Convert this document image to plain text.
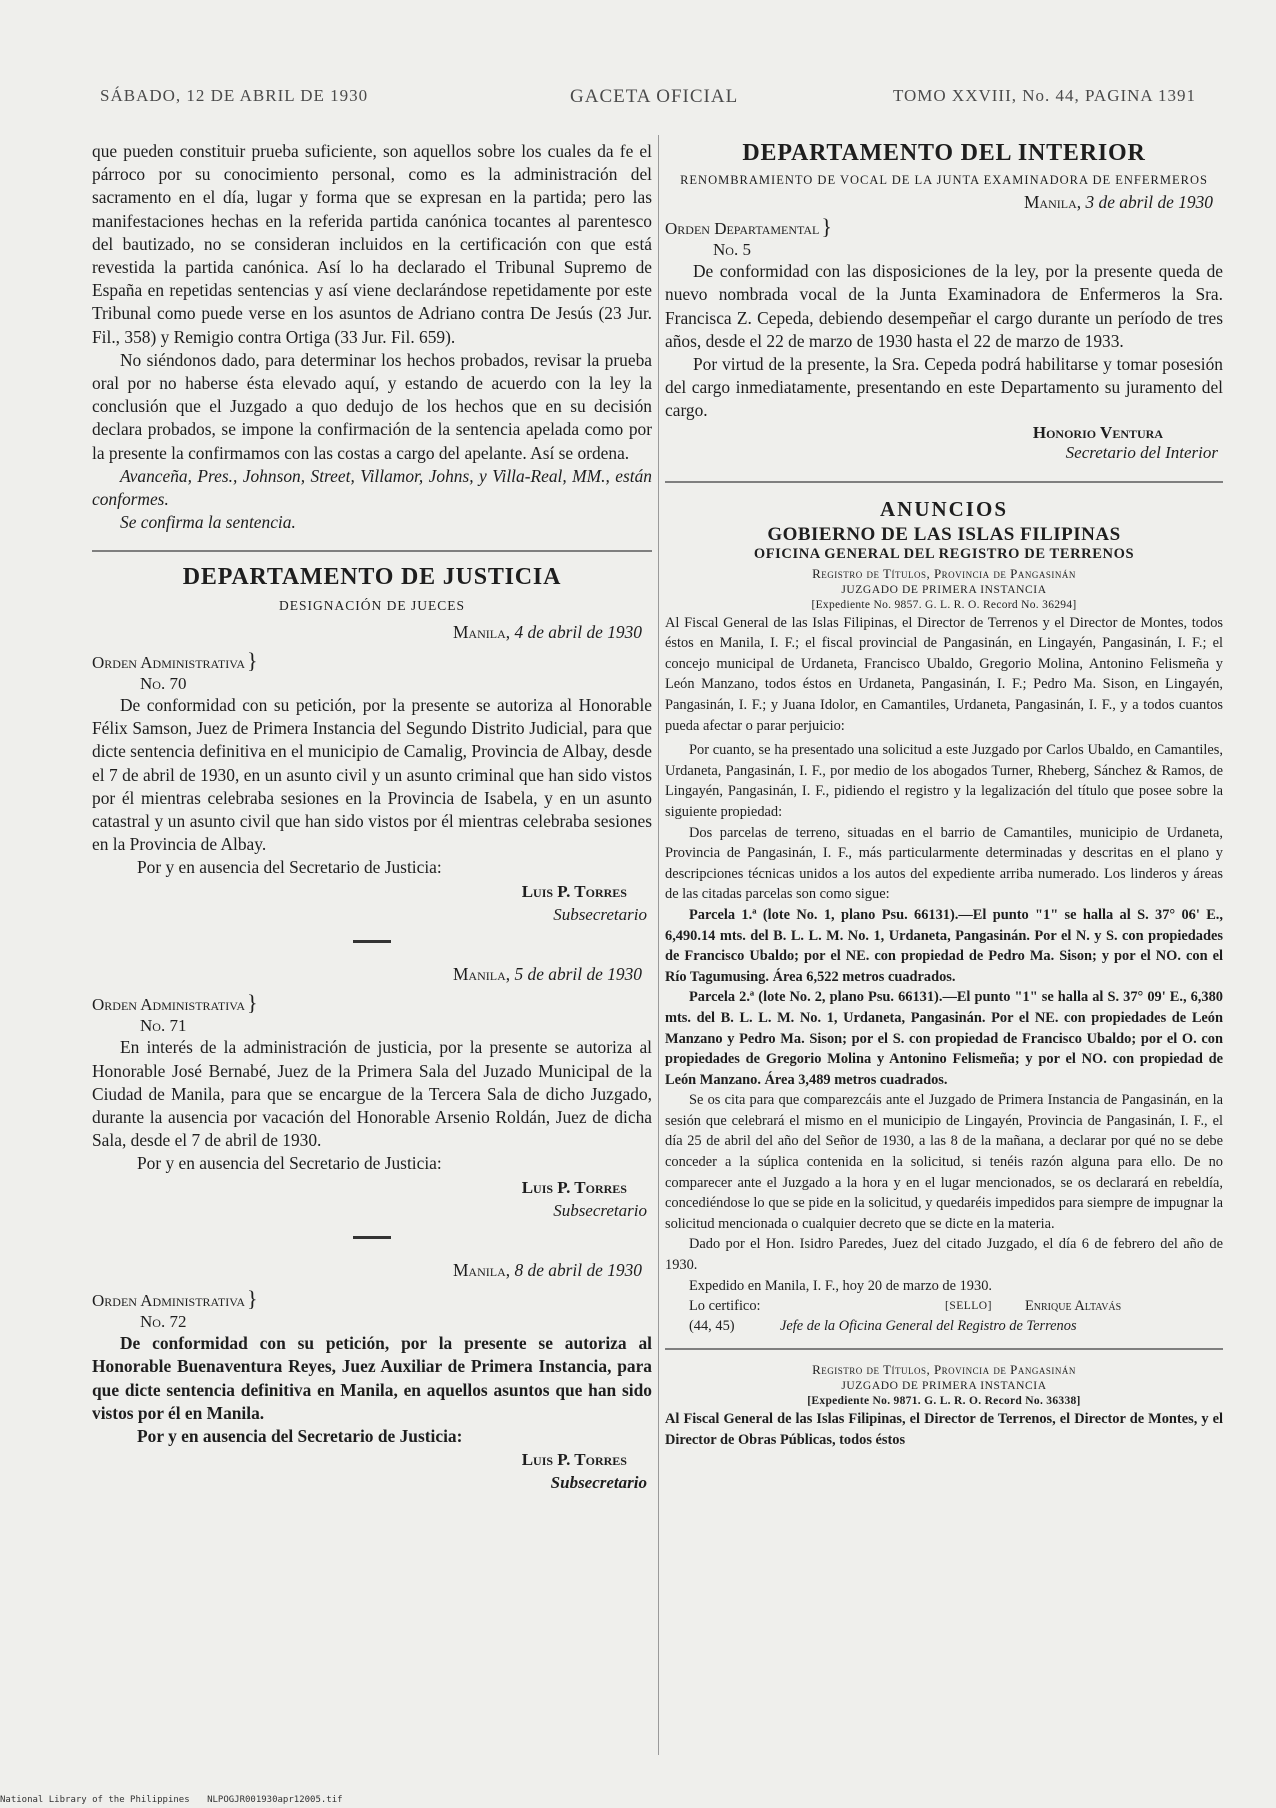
SÁBADO, 12 DE ABRIL DE 1930	GACETA OFICIAL	TOMO XXVIII, No. 44, PAGINA 1391

que pueden constituir prueba suficiente, son aquellos sobre los cuales da fe el párroco por su conocimiento personal, como es la administración del sacramento en el día, lugar y forma que se expresan en la partida; pero las manifestaciones hechas en la referida partida canónica tocantes al parentesco del bautizado, no se consideran incluidos en la certificación con que está revestida la partida canónica. Así lo ha declarado el Tribunal Supremo de España en repetidas sentencias y así viene declarándose repetidamente por este Tribunal como puede verse en los asuntos de Adriano contra De Jesús (23 Jur. Fil., 358) y Remigio contra Ortiga (33 Jur. Fil. 659).

No siéndonos dado, para determinar los hechos probados, revisar la prueba oral por no haberse ésta elevado aquí, y estando de acuerdo con la ley la conclusión que el Juzgado a quo dedujo de los hechos que en su decisión declara probados, se impone la confirmación de la sentencia apelada como por la presente la confirmamos con las costas a cargo del apelante. Así se ordena.

Avanceña, Pres., Johnson, Street, Villamor, Johns, y Villa-Real, MM., están conformes.

Se confirma la sentencia.

DEPARTAMENTO DE JUSTICIA
DESIGNACIÓN DE JUECES
Manila, 4 de abril de 1930
Orden Administrativa}
No. 70

De conformidad con su petición, por la presente se autoriza al Honorable Félix Samson, Juez de Primera Instancia del Segundo Distrito Judicial, para que dicte sentencia definitiva en el municipio de Camalig, Provincia de Albay, desde el 7 de abril de 1930, en un asunto civil y un asunto criminal que han sido vistos por él mientras celebraba sesiones en la Provincia de Isabela, y en un asunto catastral y un asunto civil que han sido vistos por él mientras celebraba sesiones en la Provincia de Albay.

Por y en ausencia del Secretario de Justicia:

Luis P. Torres
Subsecretario
Manila, 5 de abril de 1930
Orden Administrativa}
No. 71

En interés de la administración de justicia, por la presente se autoriza al Honorable José Bernabé, Juez de la Primera Sala del Juzado Municipal de la Ciudad de Manila, para que se encargue de la Tercera Sala de dicho Juzgado, durante la ausencia por vacación del Honorable Arsenio Roldán, Juez de dicha Sala, desde el 7 de abril de 1930.

Por y en ausencia del Secretario de Justicia:

Luis P. Torres
Subsecretario
Manila, 8 de abril de 1930
Orden Administrativa}
No. 72

De conformidad con su petición, por la presente se autoriza al Honorable Buenaventura Reyes, Juez Auxiliar de Primera Instancia, para que dicte sentencia definitiva en Manila, en aquellos asuntos que han sido vistos por él en Manila.

Por y en ausencia del Secretario de Justicia:

Luis P. Torres
Subsecretario
DEPARTAMENTO DEL INTERIOR
RENOMBRAMIENTO DE VOCAL DE LA JUNTA EXAMINADORA DE ENFERMEROS
Manila, 3 de abril de 1930
Orden Departamental}
No. 5

De conformidad con las disposiciones de la ley, por la presente queda de nuevo nombrada vocal de la Junta Examinadora de Enfermeros la Sra. Francisca Z. Cepeda, debiendo desempeñar el cargo durante un período de tres años, desde el 22 de marzo de 1930 hasta el 22 de marzo de 1933.

Por virtud de la presente, la Sra. Cepeda podrá habilitarse y tomar posesión del cargo inmediatamente, presentando en este Departamento su juramento del cargo.

Honorio Ventura
Secretario del Interior
ANUNCIOS
GOBIERNO DE LAS ISLAS FILIPINAS
OFICINA GENERAL DEL REGISTRO DE TERRENOS
Registro de Títulos, Provincia de Pangasinán
JUZGADO DE PRIMERA INSTANCIA
[Expediente No. 9857. G. L. R. O. Record No. 36294]

Al Fiscal General de las Islas Filipinas, el Director de Terrenos y el Director de Montes, todos éstos en Manila, I. F.; el fiscal provincial de Pangasinán, en Lingayén, Pangasinán, I. F.; el concejo municipal de Urdaneta, Francisco Ubaldo, Gregorio Molina, Antonino Felismeña y León Manzano, todos éstos en Urdaneta, Pangasinán, I. F.; Pedro Ma. Sison, en Lingayén, Pangasinán, I. F.; y Juana Idolor, en Camantiles, Urdaneta, Pangasinán, I. F., y a todos cuantos pueda afectar o parar perjuicio:

Por cuanto, se ha presentado una solicitud a este Juzgado por Carlos Ubaldo, en Camantiles, Urdaneta, Pangasinán, I. F., por medio de los abogados Turner, Rheberg, Sánchez & Ramos, de Lingayén, Pangasinán, I. F., pidiendo el registro y la legalización del título que posee sobre la siguiente propiedad:

Dos parcelas de terreno, situadas en el barrio de Camantiles, municipio de Urdaneta, Provincia de Pangasinán, I. F., más particularmente determinadas y descritas en el plano y descripciones técnicas unidos a los autos del expediente arriba numerado. Los linderos y áreas de las citadas parcelas son como sigue:

Parcela 1.ª (lote No. 1, plano Psu. 66131).—El punto "1" se halla al S. 37° 06' E., 6,490.14 mts. del B. L. L. M. No. 1, Urdaneta, Pangasinán. Por el N. y S. con propiedades de Francisco Ubaldo; por el NE. con propiedad de Pedro Ma. Sison; y por el NO. con el Río Tagumusing. Área 6,522 metros cuadrados.

Parcela 2.ª (lote No. 2, plano Psu. 66131).—El punto "1" se halla al S. 37° 09' E., 6,380 mts. del B. L. L. M. No. 1, Urdaneta, Pangasinán. Por el NE. con propiedades de León Manzano y Pedro Ma. Sison; por el S. con propiedad de Francisco Ubaldo; por el O. con propiedades de Gregorio Molina y Antonino Felismeña; y por el NO. con propiedad de León Manzano. Área 3,489 metros cuadrados.

Se os cita para que comparezcáis ante el Juzgado de Primera Instancia de Pangasinán, en la sesión que celebrará el mismo en el municipio de Lingayén, Provincia de Pangasinán, I. F., el día 25 de abril del año del Señor de 1930, a las 8 de la mañana, a declarar por qué no se debe conceder a la súplica contenida en la solicitud, si tenéis razón alguna para ello. De no comparecer ante el Juzgado a la hora y en el lugar mencionados, se os declarará en rebeldía, concediéndose lo que se pide en la solicitud, y quedaréis impedidos para siempre de impugnar la solicitud mencionada o cualquier decreto que se dicte en la materia.

Dado por el Hon. Isidro Paredes, Juez del citado Juzgado, el día 6 de febrero del año de 1930.

Expedido en Manila, I. F., hoy 20 de marzo de 1930.

Lo certifico:	[SELLO] Enrique Altavás
(44, 45)	Jefe de la Oficina General del Registro de Terrenos
Registro de Títulos, Provincia de Pangasinán
JUZGADO DE PRIMERA INSTANCIA
[Expediente No. 9871. G. L. R. O. Record No. 36338]

Al Fiscal General de las Islas Filipinas, el Director de Terrenos, el Director de Montes, y el Director de Obras Públicas, todos éstos

National Library of the Philippines NLPOGJR001930apr12005.tif
